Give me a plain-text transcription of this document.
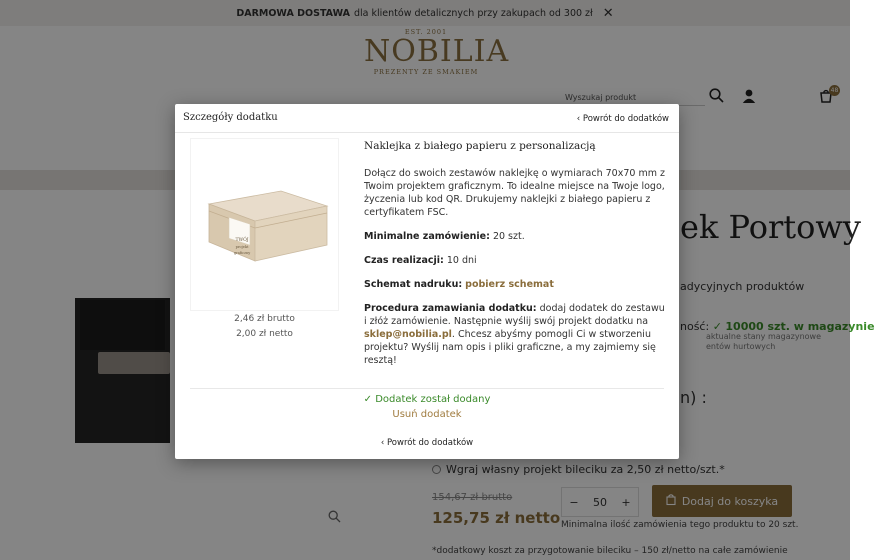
DARMOWA DOSTAWA dla klientów detalicznych przy zakupach od 300 zł ✕
EST. 2001
NOBILIA
PREZENTY ZE SMAKIEM
Wyszukaj produkt
48
ek Portowy
adycyjnych produktów
ność: ✓ 10000 szt. w magazynie
aktualne stany magazynowe
entów hurtowych
n) :
Wgraj własny projekt bileciku za 2,50 zł netto/szt.*
154,67 zł brutto
125,75 zł netto
−	50	+	Dodaj do koszyka
Minimalna ilość zamówienia tego produktu to 20 szt.
*dodatkowy koszt za przygotowanie bileciku – 150 zł/netto na całe zamówienie
Szczegóły dodatku	‹ Powrót do dodatków
TWÓJ
projekt graficzny
2,46 zł brutto
2,00 zł netto
Naklejka z białego papieru z personalizacją

Dołącz do swoich zestawów naklejkę o wymiarach 70x70 mm z Twoim projektem graficznym. To idealne miejsce na Twoje logo, życzenia lub kod QR. Drukujemy naklejki z białego papieru z certyfikatem FSC.

Minimalne zamówienie: 20 szt.

Czas realizacji: 10 dni

Schemat nadruku: pobierz schemat

Procedura zamawiania dodatku: dodaj dodatek do zestawu i złóż zamówienie. Następnie wyślij swój projekt dodatku na sklep@nobilia.pl. Chcesz abyśmy pomogli Ci w stworzeniu projektu? Wyślij nam opis i pliki graficzne, a my zajmiemy się resztą!

✓ Dodatek został dodany
Usuń dodatek
‹ Powrót do dodatków
